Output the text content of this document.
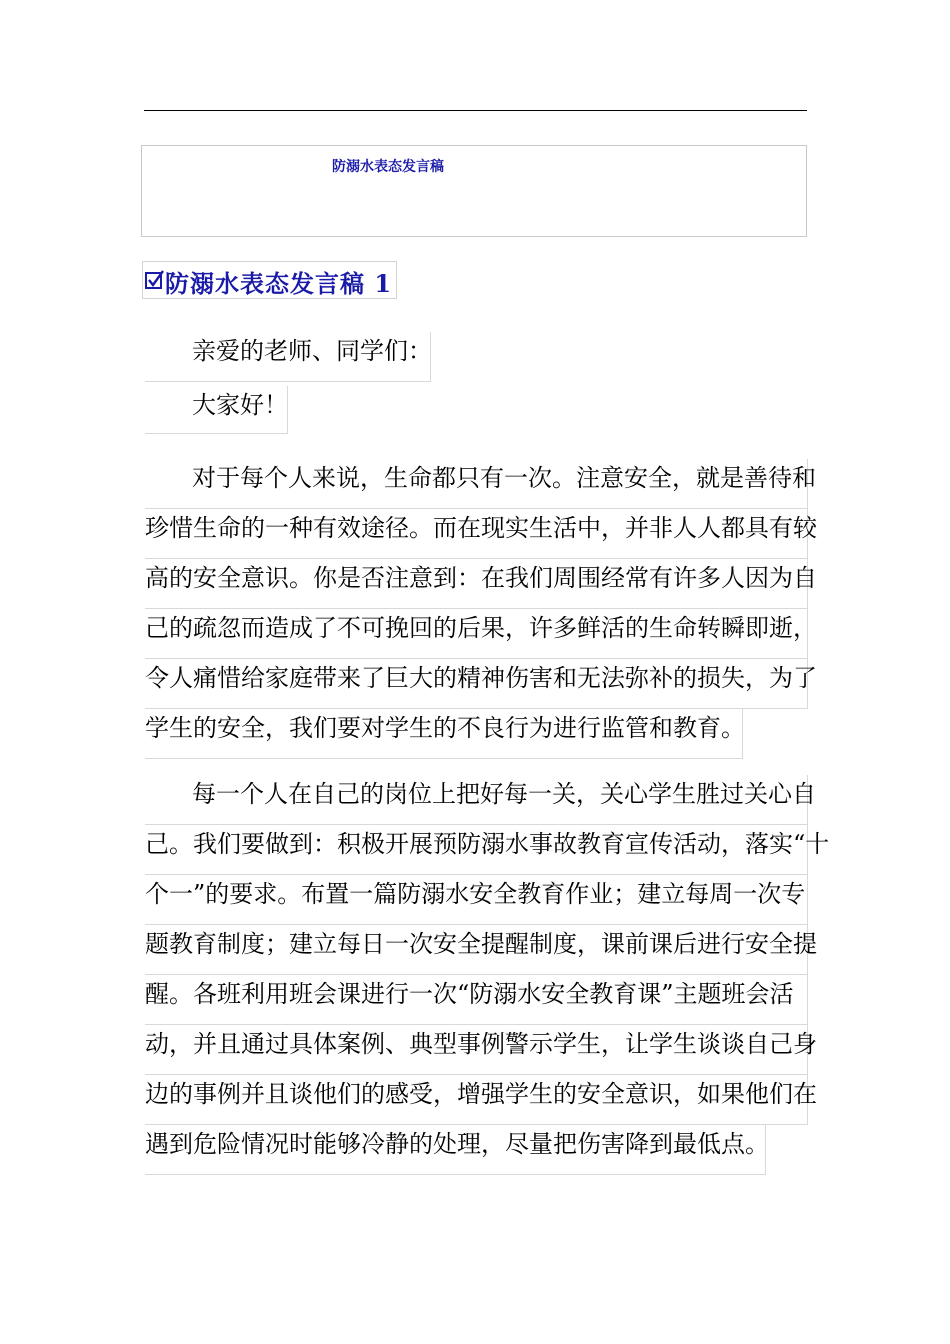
防溺水表态发言稿
防溺水表态发言稿 1
亲爱的老师、同学们：
大家好！
对于每个人来说，生命都只有一次。注意安全，就是善待和
珍惜生命的一种有效途径。而在现实生活中，并非人人都具有较
高的安全意识。你是否注意到：在我们周围经常有许多人因为自
己的疏忽而造成了不可挽回的后果，许多鲜活的生命转瞬即逝，
令人痛惜给家庭带来了巨大的精神伤害和无法弥补的损失，为了
学生的安全，我们要对学生的不良行为进行监管和教育。
每一个人在自己的岗位上把好每一关，关心学生胜过关心自
己。我们要做到：积极开展预防溺水事故教育宣传活动，落实“十
个一”的要求。布置一篇防溺水安全教育作业；建立每周一次专
题教育制度；建立每日一次安全提醒制度，课前课后进行安全提
醒。各班利用班会课进行一次“防溺水安全教育课”主题班会活
动，并且通过具体案例、典型事例警示学生，让学生谈谈自己身
边的事例并且谈他们的感受，增强学生的安全意识，如果他们在
遇到危险情况时能够冷静的处理，尽量把伤害降到最低点。
